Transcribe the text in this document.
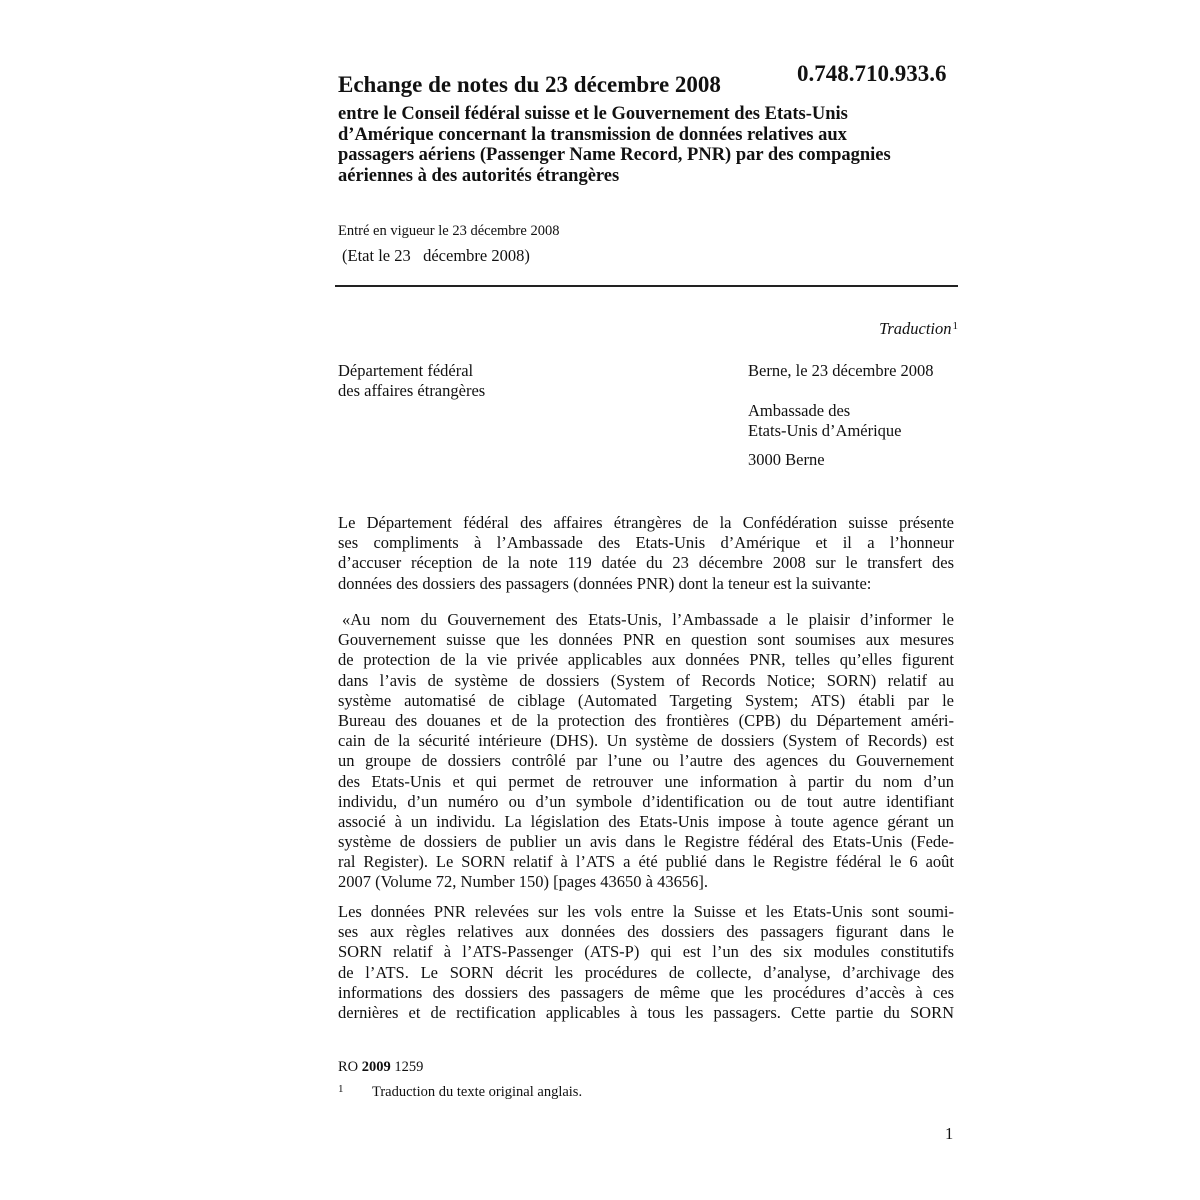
Echange de notes du 23 décembre 2008	0.748.710.933.6
entre le Conseil fédéral suisse et le Gouvernement des Etats-Unis
d’Amérique concernant la transmission de données relatives aux
passagers aériens (Passenger Name Record, PNR) par des compagnies
aériennes à des autorités étrangères
Entré en vigueur le 23 décembre 2008
(Etat le 23   décembre 2008)
Traduction$^1$
Département fédéral
des affaires étrangères
Berne, le 23 décembre 2008
Ambassade des
Etats-Unis d’Amérique
3000 Berne
Le Département fédéral des affaires étrangères de la Confédération suisse présente
ses compliments à l’Ambassade des Etats-Unis d’Amérique et il a l’honneur
d’accuser réception de la note 119 datée du 23 décembre 2008 sur le transfert des
données des dossiers des passagers (données PNR) dont la teneur est la suivante:
«Au nom du Gouvernement des Etats-Unis, l’Ambassade a le plaisir d’informer le
Gouvernement suisse que les données PNR en question sont soumises aux mesures
de protection de la vie privée applicables aux données PNR, telles qu’elles figurent
dans l’avis de système de dossiers (System of Records Notice; SORN) relatif au
système automatisé de ciblage (Automated Targeting System; ATS) établi par le
Bureau des douanes et de la protection des frontières (CPB) du Département améri-
cain de la sécurité intérieure (DHS). Un système de dossiers (System of Records) est
un groupe de dossiers contrôlé par l’une ou l’autre des agences du Gouvernement
des Etats-Unis et qui permet de retrouver une information à partir du nom d’un
individu, d’un numéro ou d’un symbole d’identification ou de tout autre identifiant
associé à un individu. La législation des Etats-Unis impose à toute agence gérant un
système de dossiers de publier un avis dans le Registre fédéral des Etats-Unis (Fede-
ral Register). Le SORN relatif à l’ATS a été publié dans le Registre fédéral le 6 août
2007 (Volume 72, Number 150) [pages 43650 à 43656].
Les données PNR relevées sur les vols entre la Suisse et les Etats-Unis sont soumi-
ses aux règles relatives aux données des dossiers des passagers figurant dans le
SORN relatif à l’ATS-Passenger (ATS-P) qui est l’un des six modules constitutifs
de l’ATS. Le SORN décrit les procédures de collecte, d’analyse, d’archivage des
informations des dossiers des passagers de même que les procédures d’accès à ces
dernières et de rectification applicables à tous les passagers. Cette partie du SORN
RO 2009 1259
1 Traduction du texte original anglais.
1
